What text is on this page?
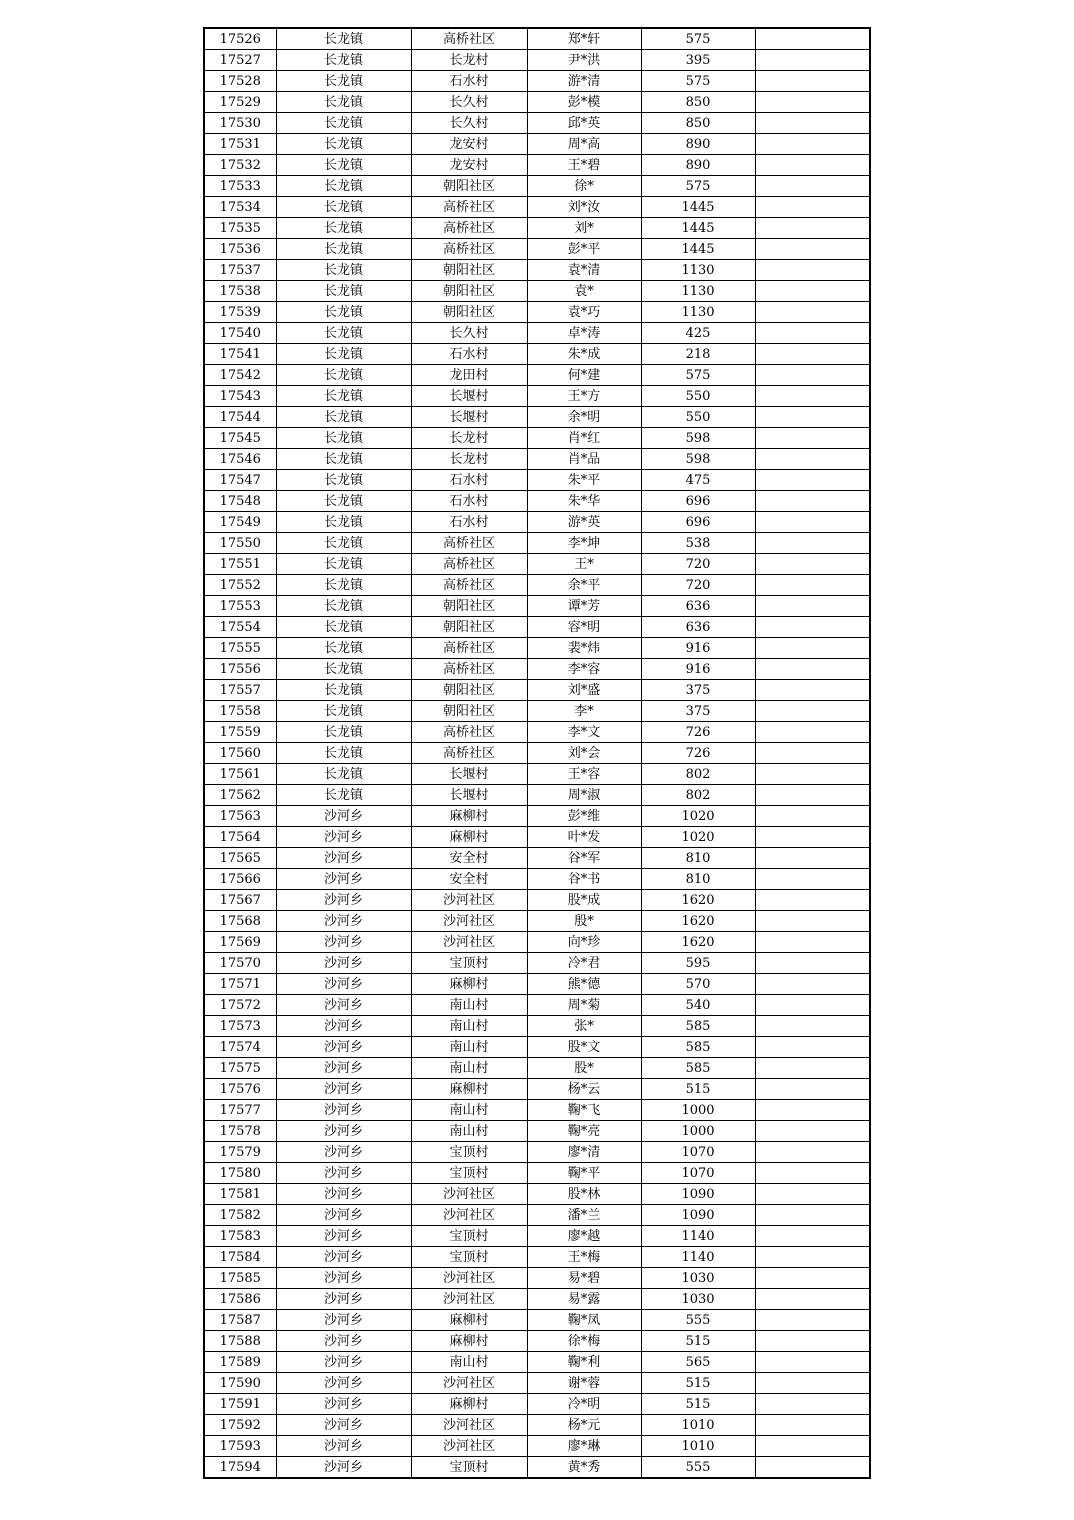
17526	长龙镇	高桥社区	郑*轩	575	
17527	长龙镇	长龙村	尹*洪	395	
17528	长龙镇	石水村	游*清	575	
17529	长龙镇	长久村	彭*模	850	
17530	长龙镇	长久村	邱*英	850	
17531	长龙镇	龙安村	周*高	890	
17532	长龙镇	龙安村	王*碧	890	
17533	长龙镇	朝阳社区	徐*	575	
17534	长龙镇	高桥社区	刘*汝	1445	
17535	长龙镇	高桥社区	刘*	1445	
17536	长龙镇	高桥社区	彭*平	1445	
17537	长龙镇	朝阳社区	袁*清	1130	
17538	长龙镇	朝阳社区	袁*	1130	
17539	长龙镇	朝阳社区	袁*巧	1130	
17540	长龙镇	长久村	卓*涛	425	
17541	长龙镇	石水村	朱*成	218	
17542	长龙镇	龙田村	何*建	575	
17543	长龙镇	长堰村	王*方	550	
17544	长龙镇	长堰村	余*明	550	
17545	长龙镇	长龙村	肖*红	598	
17546	长龙镇	长龙村	肖*品	598	
17547	长龙镇	石水村	朱*平	475	
17548	长龙镇	石水村	朱*华	696	
17549	长龙镇	石水村	游*英	696	
17550	长龙镇	高桥社区	李*坤	538	
17551	长龙镇	高桥社区	王*	720	
17552	长龙镇	高桥社区	余*平	720	
17553	长龙镇	朝阳社区	谭*芳	636	
17554	长龙镇	朝阳社区	容*明	636	
17555	长龙镇	高桥社区	裴*炜	916	
17556	长龙镇	高桥社区	李*容	916	
17557	长龙镇	朝阳社区	刘*盛	375	
17558	长龙镇	朝阳社区	李*	375	
17559	长龙镇	高桥社区	李*文	726	
17560	长龙镇	高桥社区	刘*会	726	
17561	长龙镇	长堰村	王*容	802	
17562	长龙镇	长堰村	周*淑	802	
17563	沙河乡	麻柳村	彭*维	1020	
17564	沙河乡	麻柳村	叶*发	1020	
17565	沙河乡	安全村	谷*军	810	
17566	沙河乡	安全村	谷*书	810	
17567	沙河乡	沙河社区	股*成	1620	
17568	沙河乡	沙河社区	殷*	1620	
17569	沙河乡	沙河社区	向*珍	1620	
17570	沙河乡	宝顶村	冷*君	595	
17571	沙河乡	麻柳村	熊*德	570	
17572	沙河乡	南山村	周*菊	540	
17573	沙河乡	南山村	张*	585	
17574	沙河乡	南山村	股*文	585	
17575	沙河乡	南山村	股*	585	
17576	沙河乡	麻柳村	杨*云	515	
17577	沙河乡	南山村	鞠*飞	1000	
17578	沙河乡	南山村	鞠*亮	1000	
17579	沙河乡	宝顶村	廖*清	1070	
17580	沙河乡	宝顶村	鞠*平	1070	
17581	沙河乡	沙河社区	股*林	1090	
17582	沙河乡	沙河社区	潘*兰	1090	
17583	沙河乡	宝顶村	廖*越	1140	
17584	沙河乡	宝顶村	王*梅	1140	
17585	沙河乡	沙河社区	易*碧	1030	
17586	沙河乡	沙河社区	易*露	1030	
17587	沙河乡	麻柳村	鞠*凤	555	
17588	沙河乡	麻柳村	徐*梅	515	
17589	沙河乡	南山村	鞠*利	565	
17590	沙河乡	沙河社区	谢*蓉	515	
17591	沙河乡	麻柳村	冷*明	515	
17592	沙河乡	沙河社区	杨*元	1010	
17593	沙河乡	沙河社区	廖*琳	1010	
17594	沙河乡	宝顶村	黄*秀	555	
